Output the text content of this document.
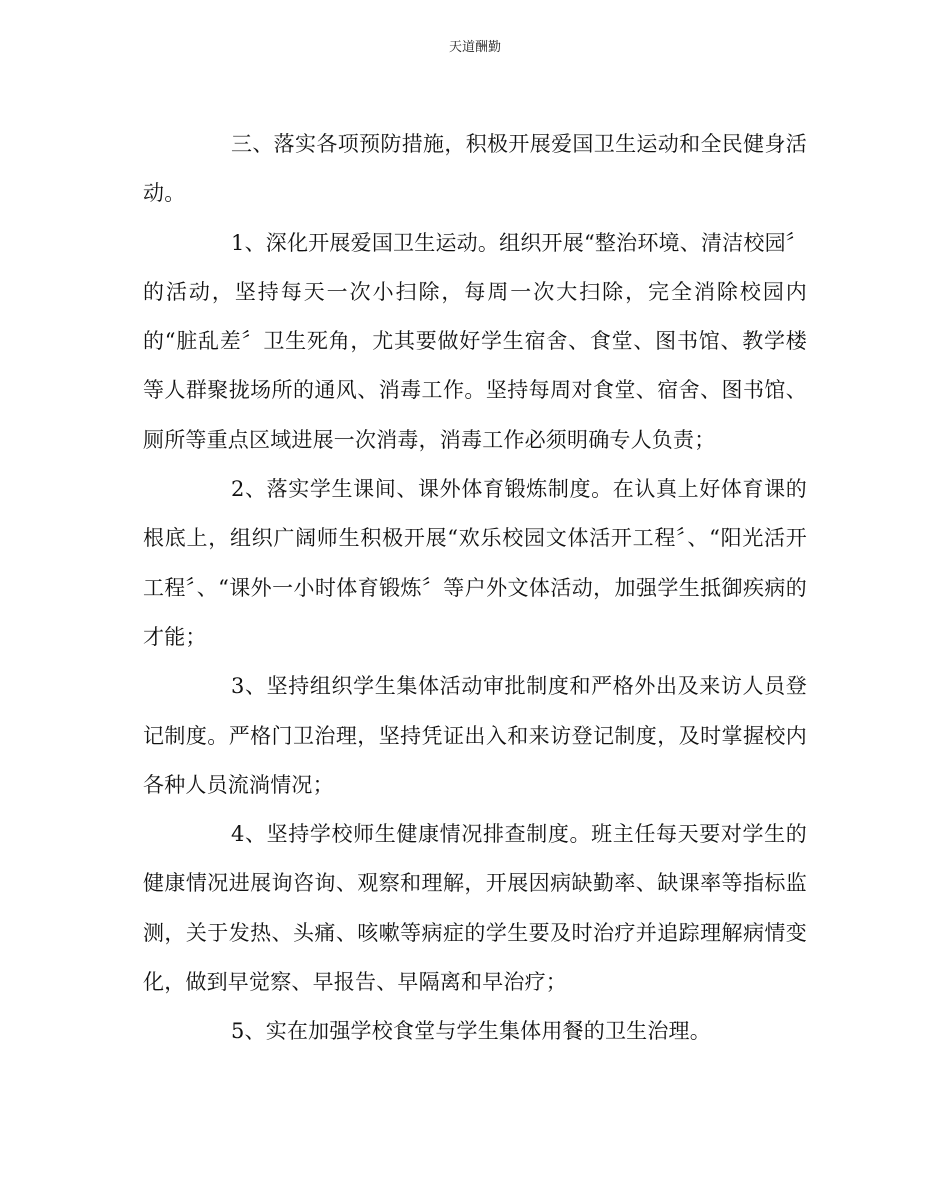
天道酬勤

三、落实各项预防措施，积极开展爱国卫生运动和全民健身活动。

1、深化开展爱国卫生运动。组织开展“整治环境、清洁校园〞的活动，坚持每天一次小扫除，每周一次大扫除，完全消除校园内的“脏乱差〞卫生死角，尤其要做好学生宿舍、食堂、图书馆、教学楼等人群聚拢场所的通风、消毒工作。坚持每周对食堂、宿舍、图书馆、厕所等重点区域进展一次消毒，消毒工作必须明确专人负责；

2、落实学生课间、课外体育锻炼制度。在认真上好体育课的根底上，组织广阔师生积极开展“欢乐校园文体活开工程〞、“阳光活开工程〞、“课外一小时体育锻炼〞等户外文体活动，加强学生抵御疾病的才能；

3、坚持组织学生集体活动审批制度和严格外出及来访人员登记制度。严格门卫治理，坚持凭证出入和来访登记制度，及时掌握校内各种人员流淌情况；

4、坚持学校师生健康情况排查制度。班主任每天要对学生的健康情况进展询咨询、观察和理解，开展因病缺勤率、缺课率等指标监测，关于发热、头痛、咳嗽等病症的学生要及时治疗并追踪理解病情变化，做到早觉察、早报告、早隔离和早治疗；

5、实在加强学校食堂与学生集体用餐的卫生治理。
